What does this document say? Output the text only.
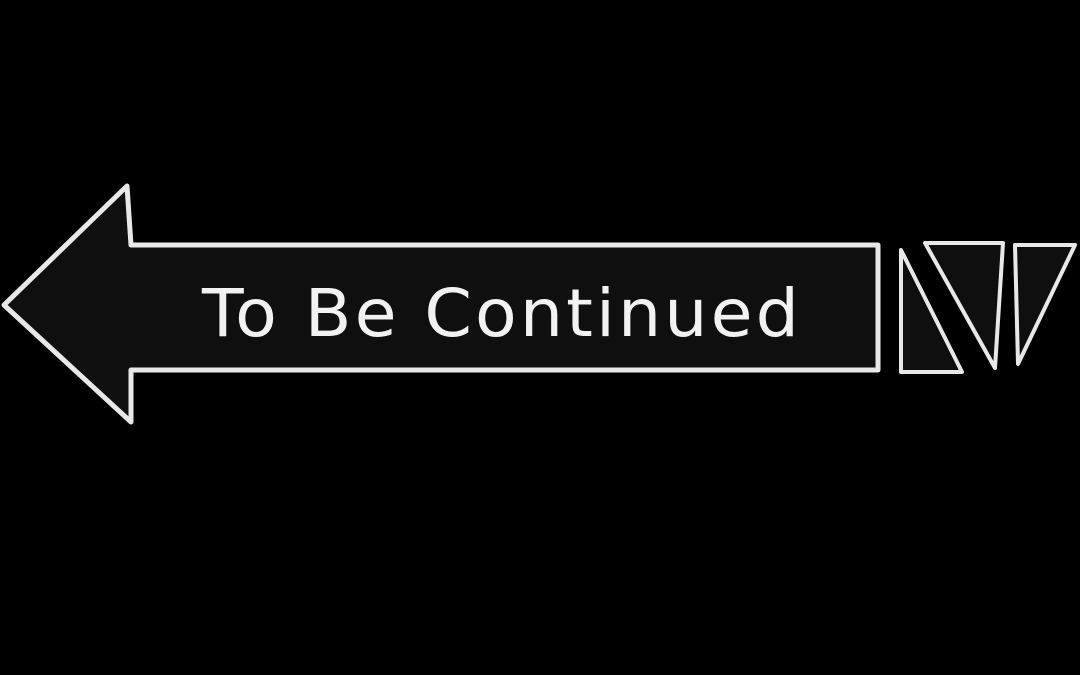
To Be Continued
